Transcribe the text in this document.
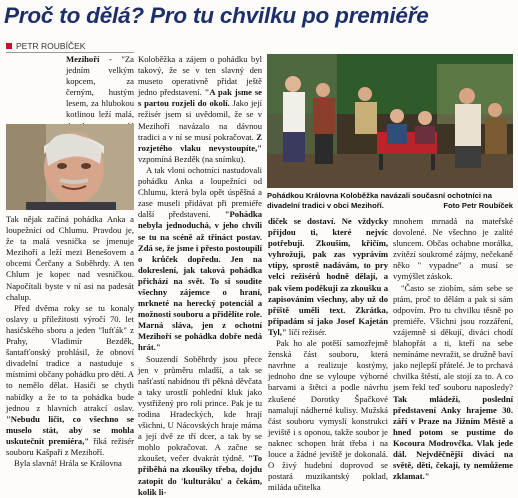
Proč to dělá? Pro tu chvilku po premiéře
PETR ROUBÍČEK

Mezihoří - "Za jedním velkým kopcem, za černým, hustým lesem, za hlubokou kotlinou leží malá,

Tak nějak začíná pohádka Anka a loupežníci od Chlumu. Pravdou je, že ta malá vesnička se jmenuje Mezihoří a leží mezi Benešovem a obcemi Čerčany a Soběhrdy. A ten Chlum je kopec nad vesničkou. Napočítali byste v ní asi na padesát chalup.

Před dvěma roky se tu konaly oslavy u příležitosti výročí 70. let hasičského sboru a jeden "lufťák" z Prahy, Vladimír Bezděk, šantafťonský prohlásil, že obnoví divadelní tradice a nastuduje s místními občany pohádku pro děti. A to nemělo dělat. Hasiči se chytli nabídky a že to ta pohádka bude jednou z hlavních atrakcí oslav. "Nebudu ličit, co všechno se muselo stát, aby se mohla uskutečnit premiéra," říká režisér souboru Kašpaři z Mezihoří.

Byla slavná! Hrála se Královna

Koloběžka a zájem o pohádku byl takový, že se v ten slavný den museto operativně přidat ještě jedno představení. "A pak jsme se s partou rozjeli do okolí. Jako její režisér jsem si uvědomil, že se v Mezihoří navázalo na dávnou tradici a v ní se musí pokračovat. Z rozjetého vlaku nevystoupíte," vzpomíná Bezděk (na snímku).

A tak vloni ochotníci nastudovali pohádku Anka a loupežníci od Chlumu, která byla opět úspěšná a zase museli přidávat při premiéře další představení. "Pohádka nebyla jednoduchá, v jeho chvíli se tu na scéně až třináct postav. Zdá se, že jsme i přesto postoupili o krůček dopředu. Jen na dokreslení, jak taková pohádka přichází na svět. To si soudite všechny zájemce o hraní, mrkneté na herecký potenciál a možnosti souboru a přidělíte role. Marná sláva, jen z ochotní Mezihoří se pohádka dobře nedá hrát."

Souzendí Soběhrdy jsou přece jen v průměru mladší, a tak se našťastí nabídnou tři pěkná děvčata a taky urostlí pohlední kluk jako vystřižený pro roli prince. Pak je tu rodina Hradeckých, kde hrají všichni, U Nácovských hraje máma a její dvě ze tří dcer, a tak by se mohlo pokračovat. A začne se zkoušet, večer dvakrát týdně. "To přiběhá na zkoušky třeba, dojdu zatopit do 'kulturáku' a čekám, kolik li-

Pohádkou Královna Koloběžka navázali současní ochotníci na divadelní tradici v obci Mezihoří.	Foto Petr Roubíček

diček se dostaví. Ne vždycky přijdou ti, které nejvíc potřebuji. Zkoušim, křičím, vyhrožuji, pak zas vyprávím vtipy, sprostě nadávám, to pry velci režisérů hodně dělají, a pak všem poděkuji za zkoušku a zapisováním všechny, aby už do příště uměli text. Zkrátka, připadám si jako Josef Kajetán Tyl," líčí režisér.

Pak ho ale potěší samozřejmě ženská část souboru, která navrhne a realizuje kostýmy, jednoho dne se vyloupe výborné barvami a štětci a podle návrhu zkušené Dorotky Špačkové namalují nádherné kulisy. Mužská část souboru vymyslí konstrukci jeviště i s oponou, takže soubor je naknec schopen hrát třeba i na louce a žádné jeviště je dokonalá. O živý hudební doprovod se postará muzikantský poklad, miláda učitelka

mnohem mrnadá na mateřské dovolené. Ne všechno je zalité sluncem. Občas ochabne morálka, zvítězí soukromé zájmy, nečekaně něko " vypadne" a musí se vymýšlet záskok.

"Často se ziobím, sám sebe se ptám, proč to dělám a pak si sám odpovím. Pro tu chvilku těsně po premiéře. Všichni jsou rozzáření, vzájemně si děkují, diváci chodí blahopřát a ti, kteří na sebe nemínáme nevražit, se družně baví jako nejlepší přátelé. Je to prchavá chvilka štěstí, ale stojí za to. A co jsem řekl teď souboru naposledy? Tak mládeži, poslední představení Anky hrajeme 30. září v Praze na Jižním Městě a hned potom se pustíme do Kocoura Modrovčka. Vlak jede dál. Nejvděčnější diváci na světě, děti, čekají, ty nemůžeme zklamat."
